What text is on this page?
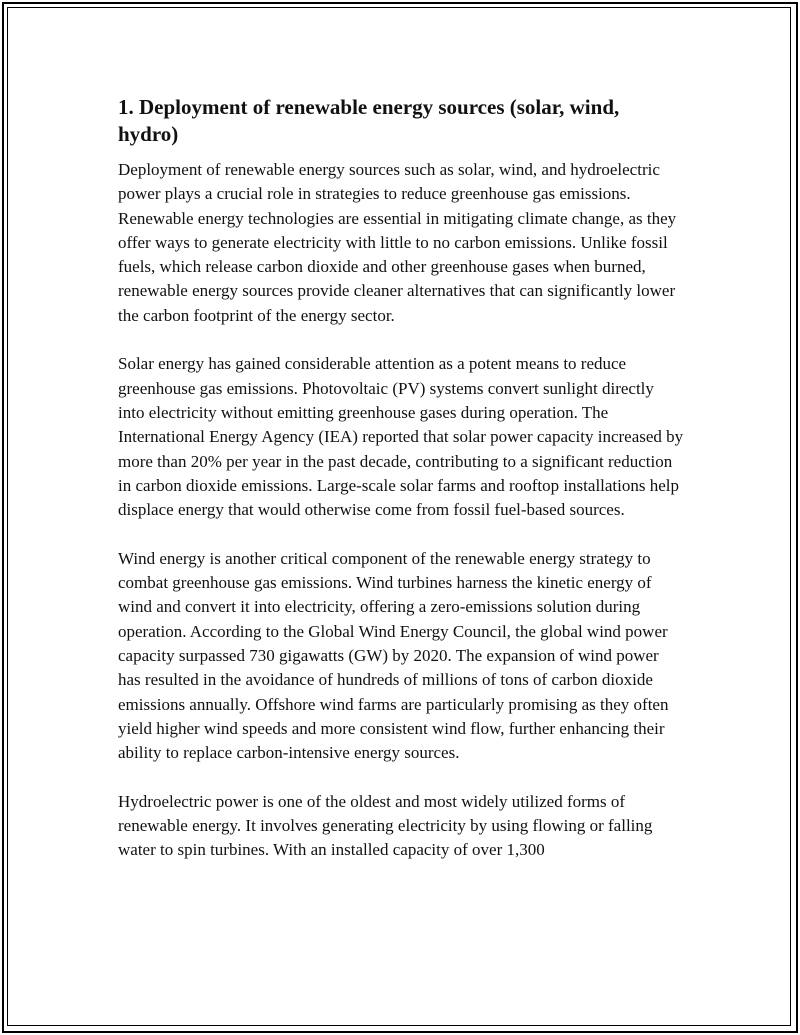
1. Deployment of renewable energy sources (solar, wind, hydro)

Deployment of renewable energy sources such as solar, wind, and hydroelectric power plays a crucial role in strategies to reduce greenhouse gas emissions. Renewable energy technologies are essential in mitigating climate change, as they offer ways to generate electricity with little to no carbon emissions. Unlike fossil fuels, which release carbon dioxide and other greenhouse gases when burned, renewable energy sources provide cleaner alternatives that can significantly lower the carbon footprint of the energy sector.

Solar energy has gained considerable attention as a potent means to reduce greenhouse gas emissions. Photovoltaic (PV) systems convert sunlight directly into electricity without emitting greenhouse gases during operation. The International Energy Agency (IEA) reported that solar power capacity increased by more than 20% per year in the past decade, contributing to a significant reduction in carbon dioxide emissions. Large-scale solar farms and rooftop installations help displace energy that would otherwise come from fossil fuel-based sources.

Wind energy is another critical component of the renewable energy strategy to combat greenhouse gas emissions. Wind turbines harness the kinetic energy of wind and convert it into electricity, offering a zero-emissions solution during operation. According to the Global Wind Energy Council, the global wind power capacity surpassed 730 gigawatts (GW) by 2020. The expansion of wind power has resulted in the avoidance of hundreds of millions of tons of carbon dioxide emissions annually. Offshore wind farms are particularly promising as they often yield higher wind speeds and more consistent wind flow, further enhancing their ability to replace carbon-intensive energy sources.

Hydroelectric power is one of the oldest and most widely utilized forms of renewable energy. It involves generating electricity by using flowing or falling water to spin turbines. With an installed capacity of over 1,300
